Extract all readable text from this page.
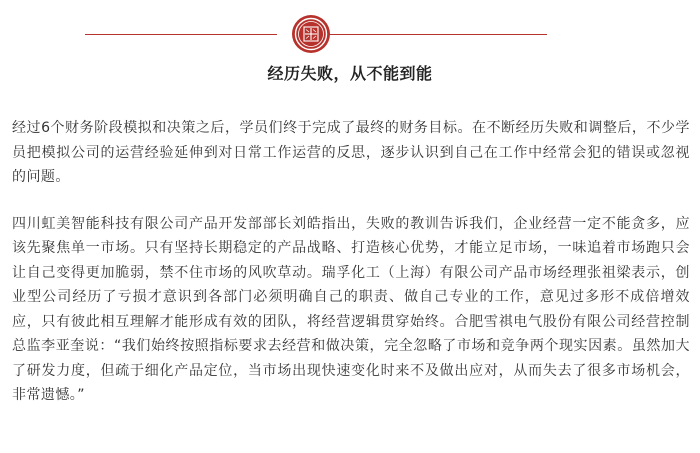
经历失败，从不能到能

经过6个财务阶段模拟和决策之后，学员们终于完成了最终的财务目标。在不断经历失败和调整后，不少学员把模拟公司的运营经验延伸到对日常工作运营的反思，逐步认识到自己在工作中经常会犯的错误或忽视的问题。

四川虹美智能科技有限公司产品开发部部长刘皓指出，失败的教训告诉我们，企业经营一定不能贪多，应该先聚焦单一市场。只有坚持长期稳定的产品战略、打造核心优势，才能立足市场，一味追着市场跑只会让自己变得更加脆弱，禁不住市场的风吹草动。瑞孚化工（上海）有限公司产品市场经理张祖梁表示，创业型公司经历了亏损才意识到各部门必须明确自己的职责、做自己专业的工作，意见过多形不成倍增效应，只有彼此相互理解才能形成有效的团队，将经营逻辑贯穿始终。合肥雪祺电气股份有限公司经营控制总监李亚奎说：“我们始终按照指标要求去经营和做决策，完全忽略了市场和竞争两个现实因素。虽然加大了研发力度，但疏于细化产品定位，当市场出现快速变化时来不及做出应对，从而失去了很多市场机会，非常遗憾。”
